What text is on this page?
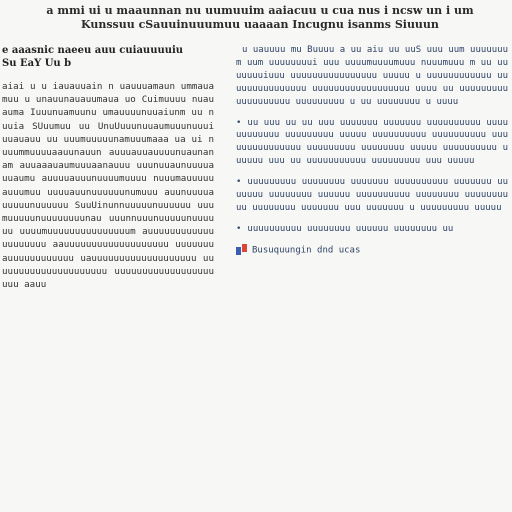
a mmi ui u maaunnan nu uumuuim aaiacuu u cua nus i ncsw un i um
Kunssuu cSauuinuuumuu uaaaan Incugnu isanms Siuuun
e aaasnic naeeu auu cuiauuuuiu
Su EaY Uu b
aiai u u iauauuain n uauuuamaun ummauamuu u unauunauauumaua uo Cuimuuuu nuauauma Iuuunuamuunu umauuuunuuaiunm uu nuuia SUuumuu uu UnuUuuunuuaumuuunuuui uuauauu uu uuumuuuuunamuuumaaa ua ui nuuummuuuuaauunauun auuuauuauuuunuaunanam auuaaauaumuuuaanauuu uuunuuaunuuuuauuaumu auuuuauuunuuuumuuuu nuuumauuuuuauuumuu uuuuauunuuuuuunumuuu auunuuuuauuuuunuuuuuu SuuUinunnuuuuunuuuuuu uuumuuuuunuuuuuuuunau uuunnuuunuuuuunuuuuuu uuuumuuuuuuuuuuuuuuum auuuuuuuuuuuuuuuuuuuu aauuuuuuuuuuuuuuuuuuu uuuuuuuauuuuuuuuuuuu uauuuuuuuuuuuuuuuuuuu uuuuuuuuuuuuuuuuuuuuu uuuuuuuuuuuuuuuuuuuuu aauu

u uauuuu mu Buuuu a uu aiu uu uuS uuu uum uuuuuuum uum uuuuuuuui uuu uuuumuuuumuuu nuuumuuu m uu uuuuuuuiuuu uuuuuuuuuuuuuuuu uuuuu u uuuuuuuuuuuu uuuuuuuuuuuuuuu uuuuuuuuuuuuuuuuuu uuuu uu uuuuuuuuuuuuuuuuuuu uuuuuuuuu u uu uuuuuuuu u uuuu

• uu uuu uu uu uuu uuuuuuu uuuuuuu uuuuuuuuuu uuuuuuuuuuuu uuuuuuuuu uuuuu uuuuuuuuuu uuuuuuuuuu uuuuuuuuuuuuuuu uuuuuuuuu uuuuuuuu uuuuu uuuuuuuuuu uuuuuu uuu uu uuuuuuuuuuu uuuuuuuuu uuu uuuuu

• uuuuuuuuu uuuuuuuu uuuuuuu uuuuuuuuuu uuuuuuu uuuuuuu uuuuuuuu uuuuuu uuuuuuuuuu uuuuuuuu uuuuuuuuuu uuuuuuuu uuuuuuu uuu uuuuuuu u uuuuuuuuu uuuuu

• uuuuuuuuuu uuuuuuuu uuuuuu uuuuuuuu uu

Busuquungin dnd ucas
